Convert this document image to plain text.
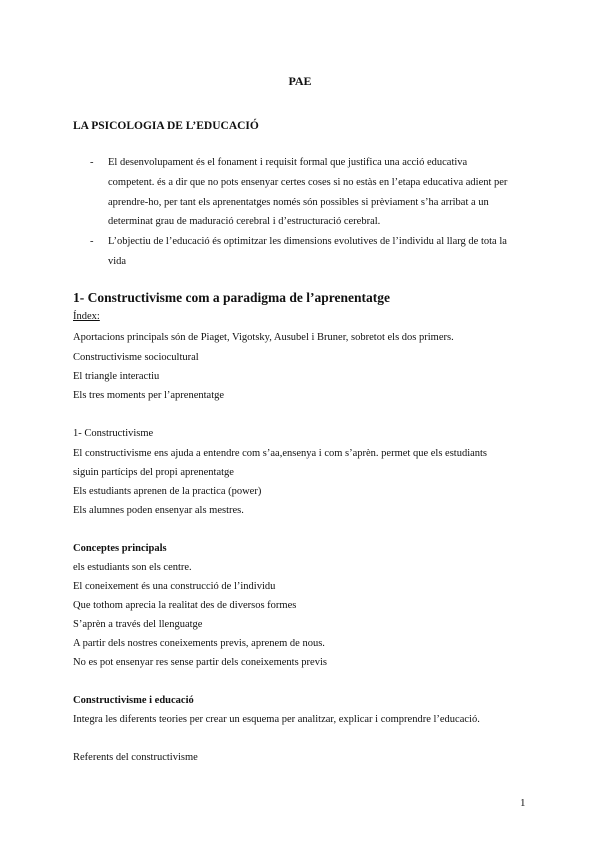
PAE
LA PSICOLOGIA DE L’EDUCACIÓ
- El desenvolupament és el fonament i requisit formal que justifica una acció educativa competent. és a dir que no pots ensenyar certes coses si no estàs en l’etapa educativa adient per aprendre-ho, per tant els aprenentatges només són possibles si prèviament s’ha arribat a un determinat grau de maduració cerebral i d’estructuració cerebral.
- L’objectiu de l’educació és optimitzar les dimensions evolutives de l’individu al llarg de tota la vida
1- Constructivisme com a paradigma de l’aprenentatge
Índex:
Aportacions principals són de Piaget, Vigotsky, Ausubel i Bruner, sobretot els dos primers.
Constructivisme sociocultural
El triangle interactiu
Els tres moments per l’aprenentatge
1- Constructivisme
El constructivisme ens ajuda a entendre com s’aa,ensenya i com s’aprèn. permet que els estudiants
siguin partícips del propi aprenentatge
Els estudiants aprenen de la practica (power)
Els alumnes poden ensenyar als mestres.
Conceptes principals
els estudiants son els centre.
El coneixement és una construcció de l’individu
Que tothom aprecia la realitat des de diversos formes
S’aprèn a través del llenguatge
A partir dels nostres coneixements previs, aprenem de nous.
No es pot ensenyar res sense partir dels coneixements previs
Constructivisme i educació
Integra les diferents teories per crear un esquema per analitzar, explicar i comprendre l’educació.
Referents del constructivisme
1
